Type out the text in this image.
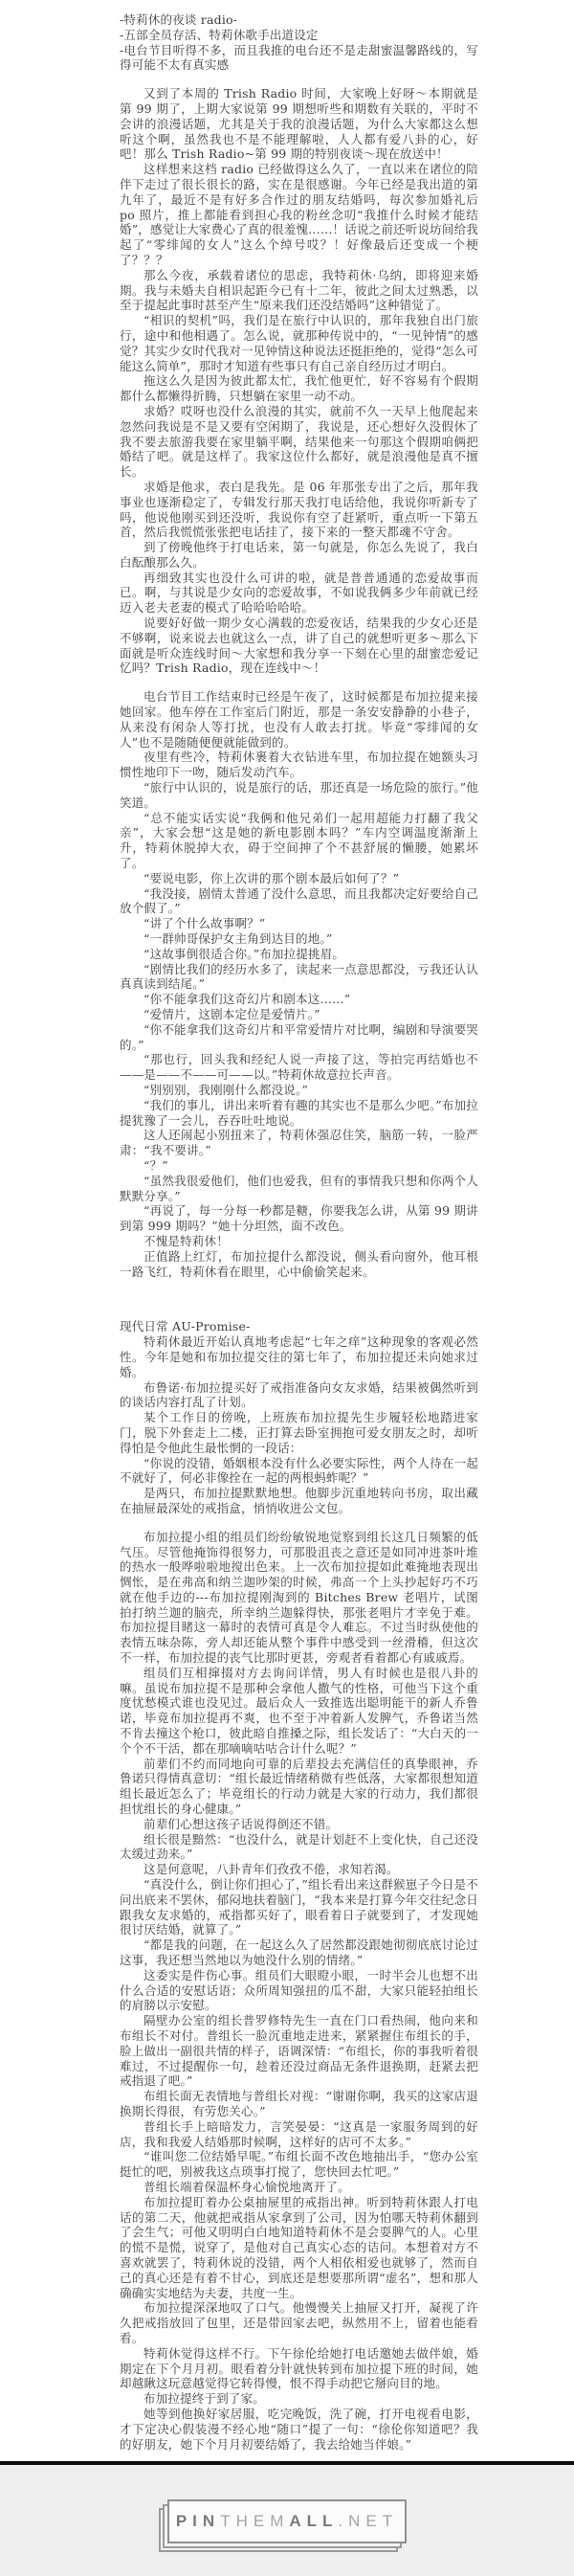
-特莉休的夜谈 radio-

-五部全员存活、特莉休歌手出道设定

-电台节目听得不多，而且我推的电台还不是走甜蜜温馨路线的，写得可能不太有真实感

又到了本周的 Trish Radio 时间，大家晚上好呀～本期就是第 99 期了，上期大家说第 99 期想听些和期数有关联的，平时不会讲的浪漫话题，尤其是关于我的浪漫话题，为什么大家都这么想听这个啊，虽然我也不是不能理解啦，人人都有爱八卦的心，好吧！那么 Trish Radio~第 99 期的特别夜谈～现在放送中！

这样想来这档 radio 已经做得这么久了，一直以来在诸位的陪伴下走过了很长很长的路，实在是很感谢。今年已经是我出道的第九年了，最近不是有好多合作过的朋友结婚吗，每次参加婚礼后 po 照片，推上都能看到担心我的粉丝念叨“我推什么时候才能结婚”，感觉让大家费心了真的很羞愧……！话说之前还听说坊间给我起了“零绯闻的女人”这么个绰号哎？！好像最后还变成一个梗了？？？

那么今夜，承载着诸位的思虑，我特莉休·乌纳，即将迎来婚期。我与未婚夫自相识起距今已有十二年，彼此之间太过熟悉，以至于提起此事时甚至产生“原来我们还没结婚吗”这种错觉了。

“相识的契机”吗，我们是在旅行中认识的，那年我独自出门旅行，途中和他相遇了。怎么说，就那种传说中的，“一见钟情”的感觉？其实少女时代我对一见钟情这种说法还挺拒绝的，觉得“怎么可能这么简单”，那时才知道有些事只有自己亲自经历过才明白。

拖这么久是因为彼此都太忙，我忙他更忙，好不容易有个假期都什么都懒得折腾，只想躺在家里一动不动。

求婚？哎呀也没什么浪漫的其实，就前不久一天早上他爬起来忽然问我说是不是又要有空闲期了，我说是，还心想好久没假休了我不要去旅游我要在家里躺平啊，结果他来一句那这个假期咱俩把婚结了吧。就是这样了。我家这位什么都好，就是浪漫他是真不擅长。

求婚是他求，表白是我先。是 06 年那张专出了之后，那年我事业也逐渐稳定了，专辑发行那天我打电话给他，我说你听新专了吗，他说他刚买到还没听，我说你有空了赶紧听，重点听一下第五首，然后我慌慌张张把电话挂了，接下来的一整天都魂不守舍。

到了傍晚他终于打电话来，第一句就是，你怎么先说了，我白白酝酿那么久。

再细致其实也没什么可讲的啦，就是普普通通的恋爱故事而已。啊，与其说是少女向的恋爱故事，不如说我俩多少年前就已经迈入老夫老妻的模式了哈哈哈哈哈。

说要好好做一期少女心满载的恋爱夜话，结果我的少女心还是不够啊，说来说去也就这么一点，讲了自己的就想听更多～那么下面就是听众连线时间～大家想和我分享一下刻在心里的甜蜜恋爱记忆吗？Trish Radio，现在连线中～！

电台节目工作结束时已经是午夜了，这时候都是布加拉提来接她回家。他车停在工作室后门附近，那是一条安安静静的小巷子，从来没有闲杂人等打扰，也没有人敢去打扰。毕竟“零绯闻的女人”也不是随随便便就能做到的。

夜里有些冷，特莉休裹着大衣钻进车里，布加拉提在她额头习惯性地印下一吻，随后发动汽车。

“旅行中认识的，说是旅行的话，那还真是一场危险的旅行。”他笑道。

“总不能实话实说“我俩和他兄弟们一起用超能力打翻了我父亲”，大家会想“这是她的新电影剧本吗？”车内空调温度渐渐上升，特莉休脱掉大衣，碍于空间抻了个不甚舒展的懒腰，她累坏了。

“要说电影，你上次讲的那个剧本最后如何了？”

“我没接，剧情太普通了没什么意思，而且我都决定好要给自己放个假了。”

“讲了个什么故事啊？”

“一群帅哥保护女主角到达目的地。”

“这故事倒很适合你。”布加拉提挑眉。

“剧情比我们的经历水多了，读起来一点意思都没，亏我还认认真真读到结尾。”

“你不能拿我们这奇幻片和剧本这……”

“爱情片，这剧本定位是爱情片。”

“你不能拿我们这奇幻片和平常爱情片对比啊，编剧和导演要哭的。”

“那也行，回头我和经纪人说一声接了这，等拍完再结婚也不——是——不——可——以。”特莉休故意拉长声音。

“别别别，我刚刚什么都没说。”

“我们的事儿，讲出来听着有趣的其实也不是那么少吧。”布加拉提犹豫了一会儿，吞吞吐吐地说。

这人还闹起小别扭来了，特莉休强忍住笑，脑筋一转，一脸严肃：“我不要讲。”

“？”

“虽然我很爱他们，他们也爱我，但有的事情我只想和你两个人默默分享。”

“再说了，每一分每一秒都是糖，你要我怎么讲，从第 99 期讲到第 999 期吗？”她十分坦然，面不改色。

不愧是特莉休！

正值路上红灯，布加拉提什么都没说，侧头看向窗外，他耳根一路飞红，特莉休看在眼里，心中偷偷笑起来。

现代日常 AU-Promise-

特莉休最近开始认真地考虑起“七年之痒”这种现象的客观必然性。今年是她和布加拉提交往的第七年了，布加拉提还未向她求过婚。

布鲁诺·布加拉提买好了戒指准备向女友求婚，结果被偶然听到的谈话内容打乱了计划。

某个工作日的傍晚，上班族布加拉提先生步履轻松地踏进家门，脱下外套走上二楼，正打算去卧室拥抱可爱女朋友之时，却听得怕是令他此生最怅惘的一段话：

“你说的没错，婚姻根本没有什么必要实际性，两个人待在一起不就好了，何必非像拴在一起的两根蚂蚱呢？”

是两只，布加拉提默默地想。他脚步沉重地转向书房，取出藏在抽屉最深处的戒指盒，悄悄收进公文包。

布加拉提小组的组员们纷纷敏锐地觉察到组长这几日频繁的低气压。尽管他掩饰得很努力，可那股沮丧之意还是如同冲进茶叶堆的热水一般哗啦啦地搅出色来。上一次布加拉提如此难掩地表现出惆怅，是在弗高和纳兰迦吵架的时候，弗高一个上头抄起好巧不巧就在他手边的---布加拉提刚淘到的 Bitches Brew 老唱片，试图拍打纳兰迦的脑壳，所幸纳兰迦躲得快，那张老唱片才幸免于难。布加拉提目睹这一幕时的表情可真是令人难忘。不过当时纵使他的表情五味杂陈，旁人却还能从整个事件中感受到一丝滑稽，但这次不一样，布加拉提的丧气比那时更甚，旁观者看着都心有戚戚焉。

组员们互相撺掇对方去询问详情，男人有时候也是很八卦的嘛。虽说布加拉提不是那种会拿他人撒气的性格，可他当下这个重度忧愁模式谁也没见过。最后众人一致推选出聪明能干的新人乔鲁诺，毕竟布加拉提再不爽，也不至于冲着新人发脾气，乔鲁诺当然不肯去撞这个枪口，彼此暗自推搡之际，组长发话了：“大白天的一个个不干活，都在那嘀嘀咕咕合计什么呢？”

前辈们不约而同地向可靠的后辈投去充满信任的真挚眼神，乔鲁诺只得情真意切：“组长最近情绪稍微有些低落，大家都很想知道组长最近怎么了；毕竟组长的行动力就是大家的行动力，我们都很担忧组长的身心健康。”

前辈们心想这孩子话说得倒还不错。

组长很是黯然：“也没什么，就是计划赶不上变化快，自己还没太缓过劲来。”

这是何意呢，八卦青年们孜孜不倦，求知若渴。

“真没什么，倒让你们担心了，”组长看出来这群猴崽子今日是不问出底来不罢休，郁闷地扶着脑门，“我本来是打算今年交往纪念日跟我女友求婚的，戒指都买好了，眼看着日子就要到了，才发现她很讨厌结婚，就算了。”

“都是我的问题，在一起这么久了居然都没跟她彻彻底底讨论过这事，我还想当然地以为她没什么别的情绪。”

这委实是件伤心事。组员们大眼瞪小眼，一时半会儿也想不出什么合适的安慰话语；众所周知强扭的瓜不甜，大家只能轻拍组长的肩膀以示安慰。

隔壁办公室的组长普罗修特先生一直在门口看热闹，他向来和布组长不对付。普组长一脸沉重地走进来，紧紧握住布组长的手，脸上做出一副很共情的样子，语调深情：“布组长，你的事我听着很难过，不过提醒你一句，趁着还没过商品无条件退换期，赶紧去把戒指退了吧。”

布组长面无表情地与普组长对视：“谢谢你啊，我买的这家店退换期长得很，有劳您关心。”

普组长手上暗暗发力，言笑晏晏：“这真是一家服务周到的好店，我和我爱人结婚那时候啊，这样好的店可不太多。”

“谁叫您二位结婚早呢。”布组长面不改色地抽出手，“您办公室挺忙的吧，别被我这点琐事打搅了，您快回去忙吧。”

普组长端着保温杯身心愉悦地离开了。

布加拉提盯着办公桌抽屉里的戒指出神。听到特莉休跟人打电话的第二天，他就把戒指从家拿到了公司，因为怕哪天特莉休翻到了会生气；可他又明明白白地知道特莉休不是会耍脾气的人。心里的慌不是慌，说穿了，是他对自己真实心态的诘问。本想着对方不喜欢就罢了，特莉休说的没错，两个人相依相爱也就够了，然而自己的真心还是有着不甘心，到底还是想要那所谓“虚名”，想和那人确确实实地结为夫妻，共度一生。

布加拉提深深地叹了口气。他慢慢关上抽屉又打开，凝视了许久把戒指放回了包里，还是带回家去吧，纵然用不上，留着也能看看。

特莉休觉得这样不行。下午徐伦给她打电话邀她去做伴娘，婚期定在下个月月初。眼看着分针就快转到布加拉提下班的时间，她却越瞅这玩意越觉得它转得慢，恨不得手动把它掰向目的地。

布加拉提终于到了家。

她等到他换好家居服，吃完晚饭，洗了碗，打开电视看电影，才下定决心假装漫不经心地“随口”提了一句：“徐伦你知道吧？我的好朋友，她下个月月初要结婚了，我去给她当伴娘。”

PIN THEM ALL .NET
